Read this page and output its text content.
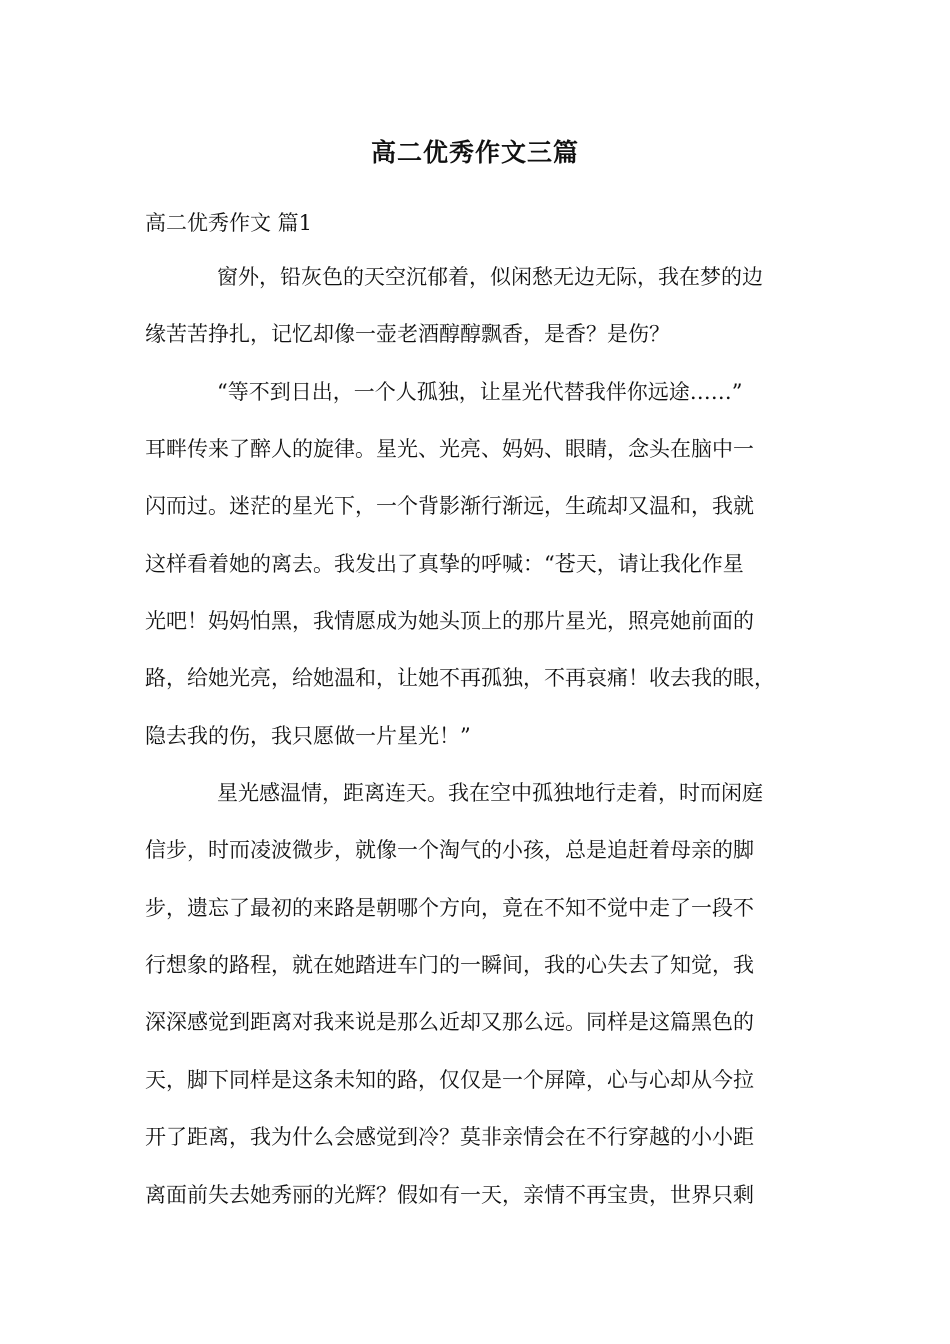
高二优秀作文三篇
高二优秀作文 篇1
窗外，铅灰色的天空沉郁着，似闲愁无边无际，我在梦的边
缘苦苦挣扎，记忆却像一壶老酒醇醇飘香，是香？是伤？
“等不到日出，一个人孤独，让星光代替我伴你远途……”
耳畔传来了醉人的旋律。星光、光亮、妈妈、眼睛，念头在脑中一
闪而过。迷茫的星光下，一个背影渐行渐远，生疏却又温和，我就
这样看着她的离去。我发出了真挚的呼喊：“苍天，请让我化作星
光吧！妈妈怕黑，我情愿成为她头顶上的那片星光，照亮她前面的
路，给她光亮，给她温和，让她不再孤独，不再哀痛！收去我的眼，
隐去我的伤，我只愿做一片星光！”
星光感温情，距离连天。我在空中孤独地行走着，时而闲庭
信步，时而凌波微步，就像一个淘气的小孩，总是追赶着母亲的脚
步，遗忘了最初的来路是朝哪个方向，竟在不知不觉中走了一段不
行想象的路程，就在她踏进车门的一瞬间，我的心失去了知觉，我
深深感觉到距离对我来说是那么近却又那么远。同样是这篇黑色的
天，脚下同样是这条未知的路，仅仅是一个屏障，心与心却从今拉
开了距离，我为什么会感觉到冷？莫非亲情会在不行穿越的小小距
离面前失去她秀丽的光辉？假如有一天，亲情不再宝贵，世界只剩
